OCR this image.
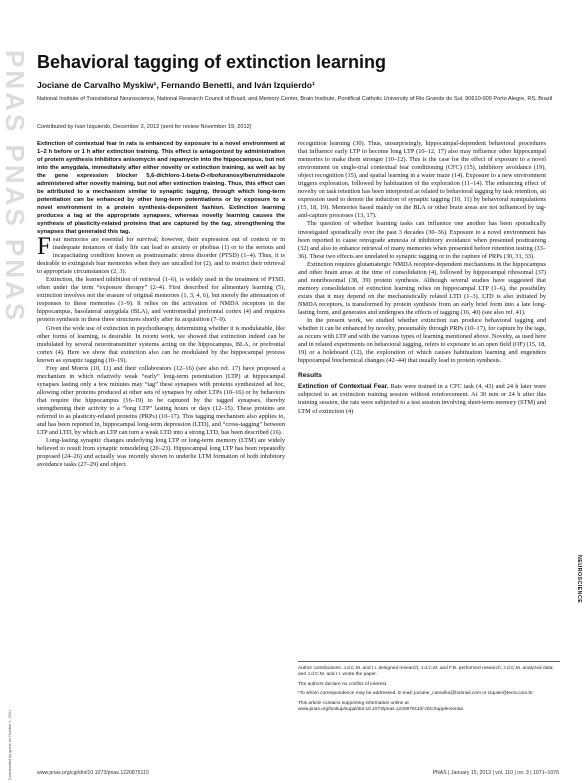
PNAS PNAS PNAS
Downloaded by guest on October 1, 2021
Behavioral tagging of extinction learning
Jociane de Carvalho Myskiw¹, Fernando Benetti, and Iván Izquierdo¹
National Institute of Translational Neuroscience, National Research Council of Brazil, and Memory Center, Brain Institute, Pontifical Catholic University of Rio Grande do Sul, 90610-000 Porto Alegre, RS, Brazil
Contributed by Ivan Izquierdo, December 3, 2012 (sent for review November 19, 2012)

Extinction of contextual fear in rats is enhanced by exposure to a novel environment at 1–2 h before or 1 h after extinction training. This effect is antagonized by administration of protein synthesis inhibitors anisomycin and rapamycin into the hippocampus, but not into the amygdala, immediately after either novelty or extinction training, as well as by the gene expression blocker 5,6-dichloro-1-beta-D-ribofuranosylbenzimidazole administered after novelty training, but not after extinction training. Thus, this effect can be attributed to a mechanism similar to synaptic tagging, through which long-term potentiation can be enhanced by other long-term potentiations or by exposure to a novel environment in a protein synthesis-dependent fashion. Extinction learning produces a tag at the appropriate synapses, whereas novelty learning causes the synthesis of plasticity-related proteins that are captured by the tag, strengthening the synapses that generated this tag.

Fear memories are essential for survival; however, their expression out of context or in inadequate instances of daily life can lead to anxiety or phobias (1) or to the serious and incapacitating condition known as posttraumatic stress disorder (PTSD) (1–4). Thus, it is desirable to extinguish fear memories when they are uncalled for (2), and to restrict their retrieval to appropriate circumstances (2, 3).

Extinction, the learned inhibition of retrieval (1–6), is widely used in the treatment of PTSD, often under the term “exposure therapy” (2–4). First described for alimentary learning (5), extinction involves not the erasure of original memories (1, 3, 4, 6), but merely the attenuation of responses to these memories (1–9). It relies on the activation of NMDA receptors in the hippocampus, basolateral amygdala (BLA), and ventromedial prefrontal cortex (4) and requires protein synthesis in these three structures shortly after its acquisition (7–9).

Given the wide use of extinction in psychotherapy, determining whether it is modulatable, like other forms of learning, is desirable. In recent work, we showed that extinction indeed can be modulated by several neurotransmitter systems acting on the hippocampus, BLA, or prefrontal cortex (4). Here we show that extinction also can be modulated by the hippocampal process known as synaptic tagging (10–19).

Frey and Morris (10, 11) and their collaborators (12–16) (see also ref. 17) have proposed a mechanism in which relatively weak “early” long-term potentiation (LTP) at hippocampal synapses lasting only a few minutes may “tag” these synapses with proteins synthesized ad hoc, allowing other proteins produced at other sets of synapses by other LTPs (10–16) or by behaviors that require the hippocampus (16–19) to be captured by the tagged synapses, thereby strengthening their activity to a “long LTP” lasting hours or days (12–15). These proteins are referred to as plasticity-related proteins (PRPs) (10–17). This tagging mechanism also applies to, and has been reported in, hippocampal long-term depression (LTD), and “cross-tagging” between LTP and LTD, by which an LTP can turn a weak LTD into a strong LTD, has been described (16).

Long-lasting synaptic changes underlying long LTP or long-term memory (LTM) are widely believed to result from synaptic remodeling (20–23). Hippocampal long LTP has been repeatedly proposed (24–26) and actually was recently shown to underlie LTM formation of both inhibitory avoidance tasks (27–29) and object

recognition learning (30). Thus, unsurprisingly, hippocampal-dependent behavioral procedures that influence early LTP to become long LTP (10–12, 17) also may influence other hippocampal memories to make them stronger (10–12). This is the case for the effect of exposure to a novel environment on single-trial contextual fear conditioning (CFC) (15), inhibitory avoidance (19), object recognition (15), and spatial learning in a water maze (14). Exposure to a new environment triggers exploration, followed by habituation of the exploration (11–14). The enhancing effect of novelty on task retention has been interpreted as related to behavioral tagging by task retention, an expression used to denote the induction of synaptic tagging (10, 11) by behavioral manipulations (15, 18, 19). Memories based mainly on the BLA or other brain areas are not influenced by tag-and-capture processes (13, 17).

The question of whether learning tasks can influence one another has been sporadically investigated sporadically over the past 3 decades (30–36). Exposure to a novel environment has been reported to cause retrograde amnesia of inhibitory avoidance when presented posttraining (32) and also to enhance retrieval of many memories when presented before retention testing (33–36). These two effects are unrelated to synaptic tagging or to the capture of PRPs (30, 31, 33).

Extinction requires glutamatergic NMDA receptor-dependent mechanisms in the hippocampus and other brain areas at the time of consolidation (4), followed by hippocampal ribosomal (37) and nonribosomal (38, 39) protein synthesis. Although several studies have suggested that memory consolidation of extinction learning relies on hippocampal LTP (1–6), the possibility exists that it may depend on the mechanistically related LTD (1–3). LTD is also initiated by NMDA receptors, is transformed by protein synthesis from an early brief form into a late long-lasting form, and generates and undergoes the effects of tagging (16, 40) (see also ref. 41).

In the present work, we studied whether extinction can produce behavioral tagging and whether it can be enhanced by novelty, presumably through PRPs (10–17), for capture by the tags, as occurs with LTP and with the various types of learning mentioned above. Novelty, as used here and in related experiments on behavioral tagging, refers to exposure to an open field (OF) (15, 18, 19) or a holeboard (12), the exploration of which causes habituation learning and engenders hippocampal biochemical changes (42–44) that usually lead to protein synthesis.

Results

Extinction of Contextual Fear. Rats were trained in a CFC task (4, 43) and 24 h later were subjected to an extinction training session without reinforcement. At 30 min or 24 h after this training session, the rats were subjected to a test session involving short-term memory (STM) and LTM of extinction (4)

Author contributions: J.d.C.M. and I.I. designed research; J.d.C.M. and F.B. performed research; J.d.C.M. analyzed data; and J.d.C.M. and I.I. wrote the paper.

The authors declare no conflict of interest.

¹To whom correspondence may be addressed. E-mail: jociane_carvalho@hotmail.com or izquier@terra.com.br.

This article contains supporting information online at www.pnas.org/lookup/suppl/doi:10.1073/pnas.1220875110/-/DCSupplemental.

NEUROSCIENCE
www.pnas.org/cgi/doi/10.1073/pnas.1220875110	PNAS | January 15, 2013 | vol. 110 | no. 3 | 1071–1076
